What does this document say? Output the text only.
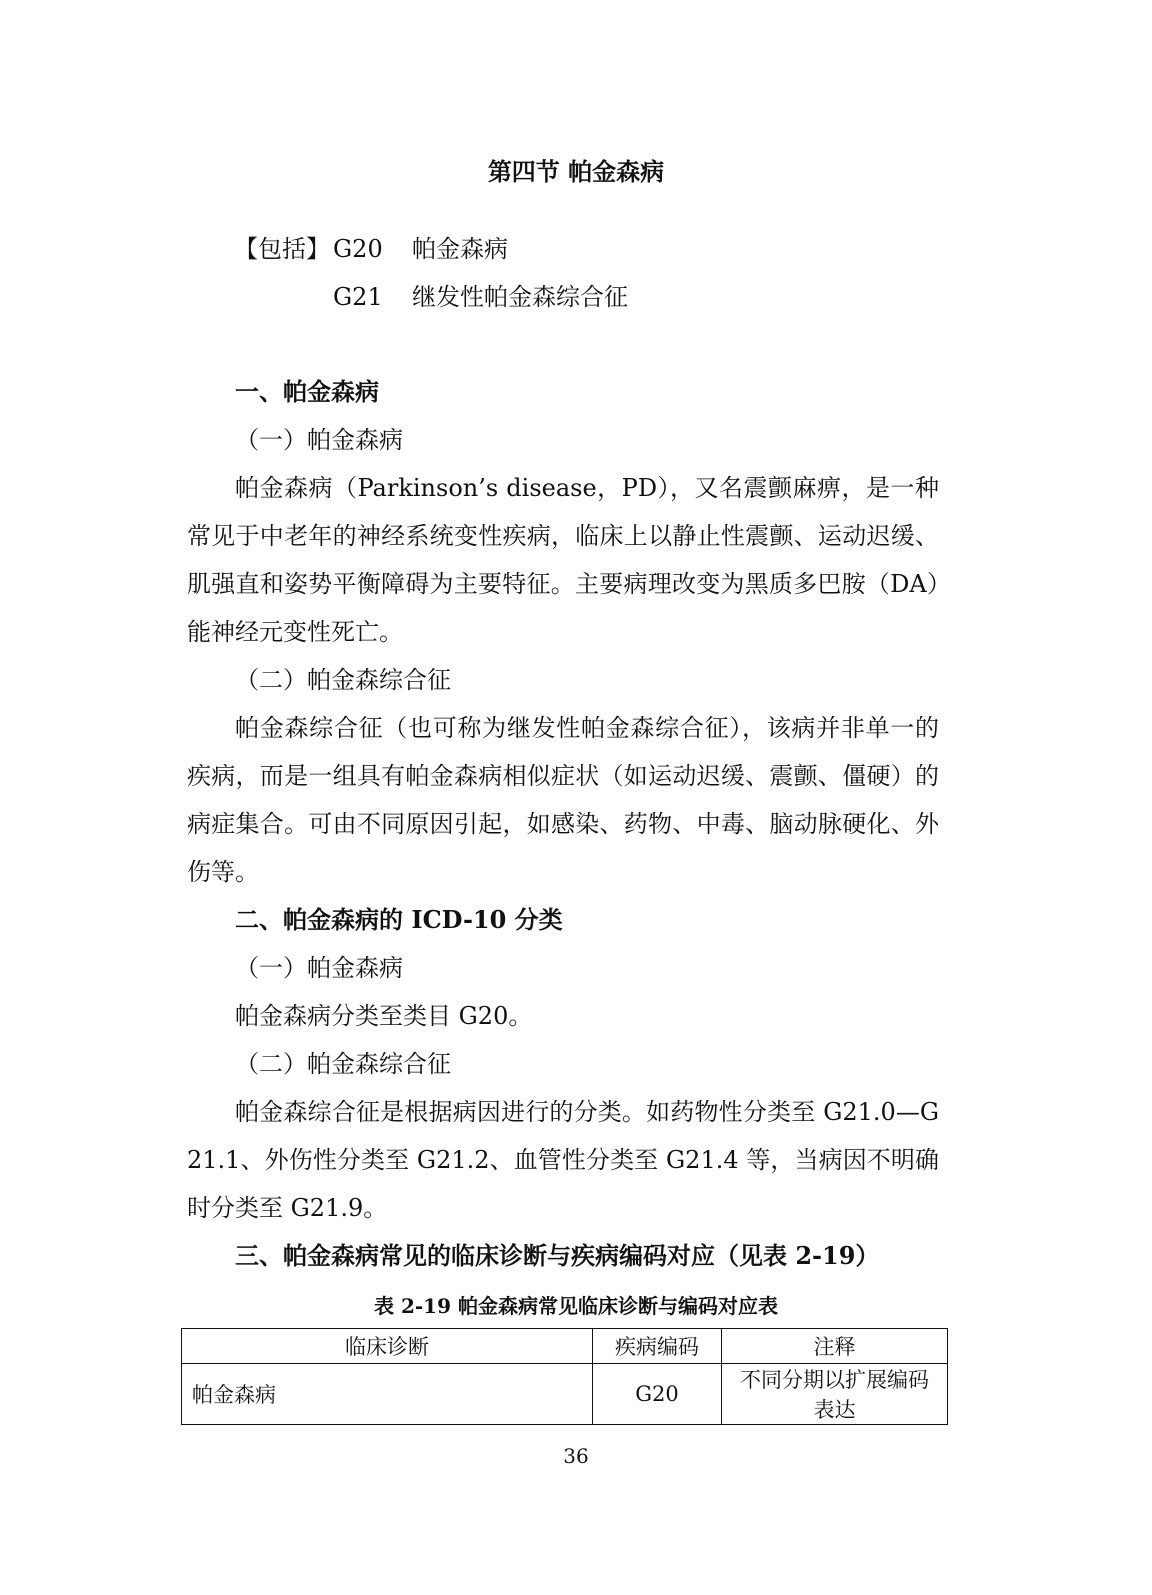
第四节 帕金森病
【包括】 G20 帕金森病
G21 继发性帕金森综合征
一、帕金森病
（一）帕金森病
帕金森病（Parkinson’s disease，PD），又名震颤麻痹，是一种常见于中老年的神经系统变性疾病，临床上以静止性震颤、运动迟缓、肌强直和姿势平衡障碍为主要特征。主要病理改变为黑质多巴胺（DA）能神经元变性死亡。
（二）帕金森综合征
帕金森综合征（也可称为继发性帕金森综合征），该病并非单一的疾病，而是一组具有帕金森病相似症状（如运动迟缓、震颤、僵硬）的病症集合。可由不同原因引起，如感染、药物、中毒、脑动脉硬化、外伤等。
二、帕金森病的 ICD-10 分类
（一）帕金森病
帕金森病分类至类目 G20。
（二）帕金森综合征
帕金森综合征是根据病因进行的分类。如药物性分类至 G21.0—G21.1、外伤性分类至 G21.2、血管性分类至 G21.4 等，当病因不明确时分类至 G21.9。
三、帕金森病常见的临床诊断与疾病编码对应（见表 2-19）
表 2-19 帕金森病常见临床诊断与编码对应表
临床诊断	疾病编码	注释
帕金森病	G20	不同分期以扩展编码表达
36
